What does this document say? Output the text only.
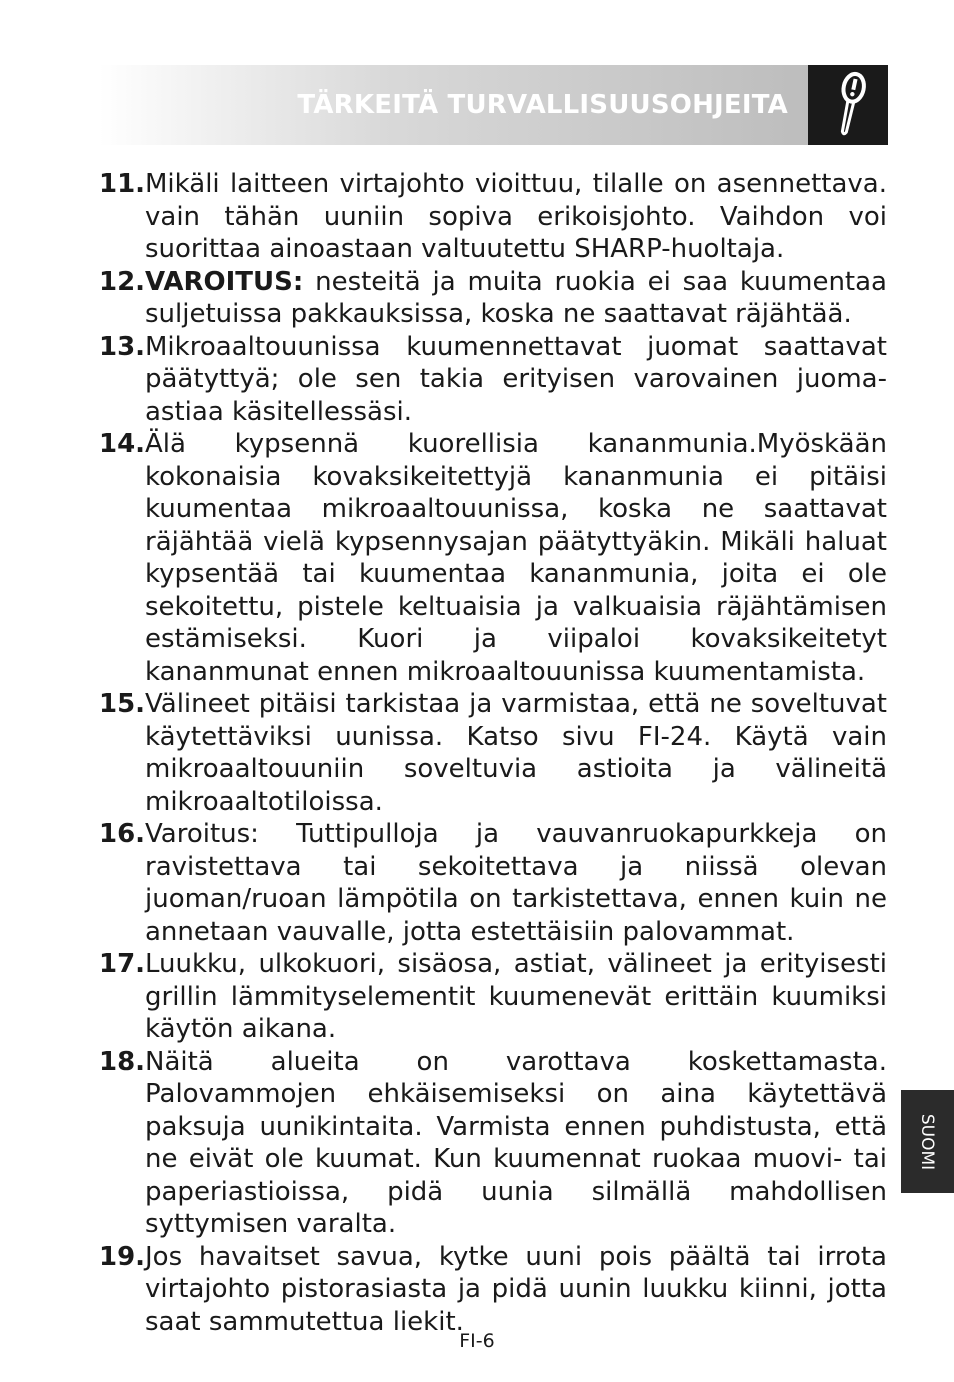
TÄRKEITÄ TURVALLISUUSOHJEITA
11. Mikäli laitteen virtajohto vioittuu, tilalle on asennettava. vain tähän uuniin sopiva erikoisjohto. Vaihdon voi suorittaa ainoastaan valtuutettu SHARP-huoltaja.
12. VAROITUS: nesteitä ja muita ruokia ei saa kuumentaa suljetuissa pakkauksissa, koska ne saattavat räjähtää.
13. Mikroaaltouunissa kuumennettavat juomat saattavat päätyttyä; ole sen takia erityisen varovainen juoma-astiaa käsitellessäsi.
14. Älä kypsennä kuorellisia kananmunia.Myöskään kokonaisia kovaksikeitettyjä kananmunia ei pitäisi kuumentaa mikroaaltouunissa, koska ne saattavat räjähtää vielä kypsennysajan päätyttyäkin. Mikäli haluat kypsentää tai kuumentaa kananmunia, joita ei ole sekoitettu, pistele keltuaisia ja valkuaisia räjähtämisen estämiseksi. Kuori ja viipaloi kovaksikeitetyt kananmunat ennen mikroaaltouunissa kuumentamista.
15. Välineet pitäisi tarkistaa ja varmistaa, että ne soveltuvat käytettäviksi uunissa. Katso sivu FI-24. Käytä vain mikroaaltouuniin soveltuvia astioita ja välineitä mikroaaltotiloissa.
16. Varoitus: Tuttipulloja ja vauvanruokapurkkeja on ravistettava tai sekoitettava ja niissä olevan juoman/ruoan lämpötila on tarkistettava, ennen kuin ne annetaan vauvalle, jotta estettäisiin palovammat.
17. Luukku, ulkokuori, sisäosa, astiat, välineet ja erityisesti grillin lämmityselementit kuumenevät erittäin kuumiksi käytön aikana.
18. Näitä alueita on varottava koskettamasta. Palovammojen ehkäisemiseksi on aina käytettävä paksuja uunikintaita. Varmista ennen puhdistusta, että ne eivät ole kuumat. Kun kuumennat ruokaa muovi- tai paperiastioissa, pidä uunia silmällä mahdollisen syttymisen varalta.
19. Jos havaitset savua, kytke uuni pois päältä tai irrota virtajohto pistorasiasta ja pidä uunin luukku kiinni, jotta saat sammutettua liekit.
SUOMI
FI-6
